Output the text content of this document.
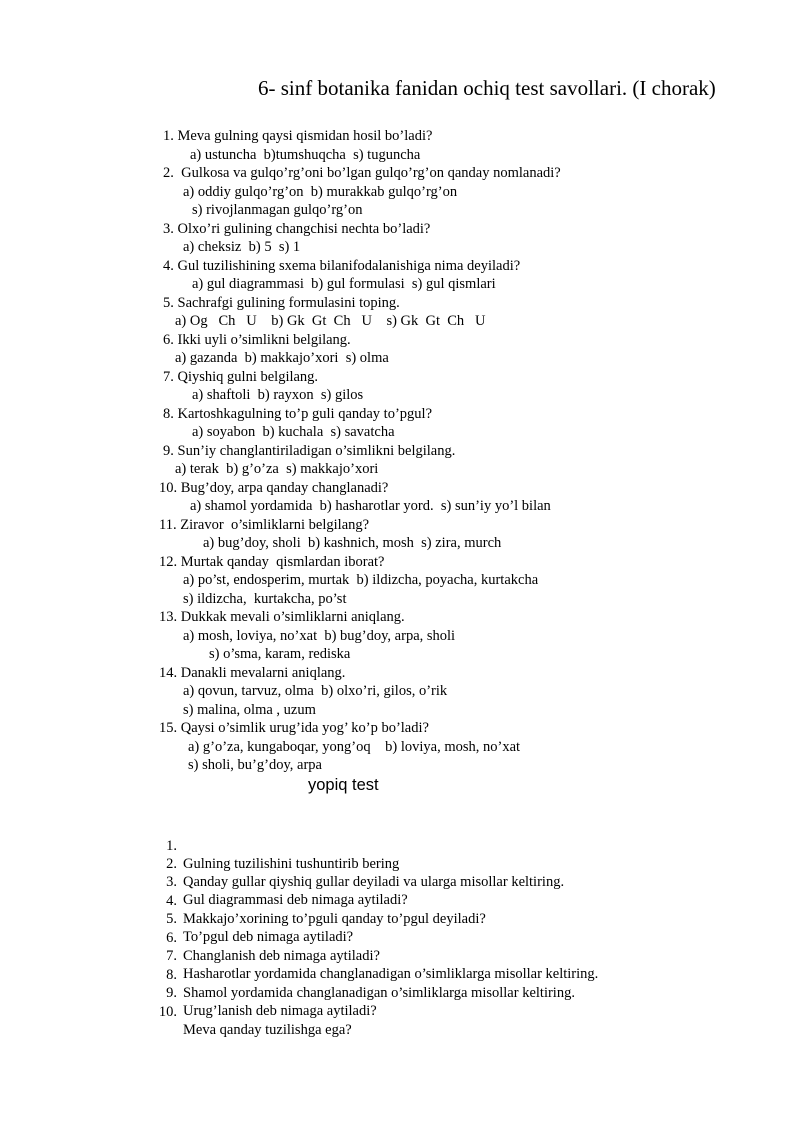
6- sinf botanika fanidan ochiq test savollari. (I chorak)
1. Meva gulning qaysi qismidan hosil bo’ladi?
a) ustuncha  b)tumshuqcha  s) tuguncha
2.  Gulkosa va gulqo’rg’oni bo’lgan gulqo’rg’on qanday nomlanadi?
a) oddiy gulqo’rg’on  b) murakkab gulqo’rg’on
s) rivojlanmagan gulqo’rg’on
3. Olxo’ri gulining changchisi nechta bo’ladi?
a) cheksiz  b) 5  s) 1
4. Gul tuzilishining sxema bilanifodalanishiga nima deyiladi?
a) gul diagrammasi  b) gul formulasi  s) gul qismlari
5. Sachrafgi gulining formulasini toping.
a) Og   Ch   U    b) Gk  Gt  Ch   U    s) Gk  Gt  Ch   U
6. Ikki uyli o’simlikni belgilang.
a) gazanda  b) makkajo’xori  s) olma
7. Qiyshiq gulni belgilang.
a) shaftoli  b) rayxon  s) gilos
8. Kartoshkagulning to’p guli qanday to’pgul?
a) soyabon  b) kuchala  s) savatcha
9. Sun’iy changlantiriladigan o’simlikni belgilang.
a) terak  b) g’o’za  s) makkajo’xori
10. Bug’doy, arpa qanday changlanadi?
a) shamol yordamida  b) hasharotlar yord.  s) sun’iy yo’l bilan
11. Ziravor  o’simliklarni belgilang?
a) bug’doy, sholi  b) kashnich, mosh  s) zira, murch
12. Murtak qanday  qismlardan iborat?
a) po’st, endosperim, murtak  b) ildizcha, poyacha, kurtakcha
s) ildizcha,  kurtakcha, po’st
13. Dukkak mevali o’simliklarni aniqlang.
a) mosh, loviya, no’xat  b) bug’doy, arpa, sholi
s) o’sma, karam, rediska
14. Danakli mevalarni aniqlang.
a) qovun, tarvuz, olma  b) olxo’ri, gilos, o’rik
s) malina, olma , uzum
15. Qaysi o’simlik urug’ida yog’ ko’p bo’ladi?
a) g’o’za, kungaboqar, yong’oq    b) loviya, mosh, no’xat
s) sholi, bu’g’doy, arpa
yopiq test

1.

Gulning tuzilishini tushuntirib bering

2.

Qanday gullar qiyshiq gullar deyiladi va ularga misollar keltiring.

3.

Gul diagrammasi deb nimaga aytiladi?

4.

Makkajo’xorining to’pguli qanday to’pgul deyiladi?

5.

To’pgul deb nimaga aytiladi?

6.

Changlanish deb nimaga aytiladi?

7.

Hasharotlar yordamida changlanadigan o’simliklarga misollar keltiring.

8.

Shamol yordamida changlanadigan o’simliklarga misollar keltiring.

9.

Urug’lanish deb nimaga aytiladi?

10.

Meva qanday tuzilishga ega?
